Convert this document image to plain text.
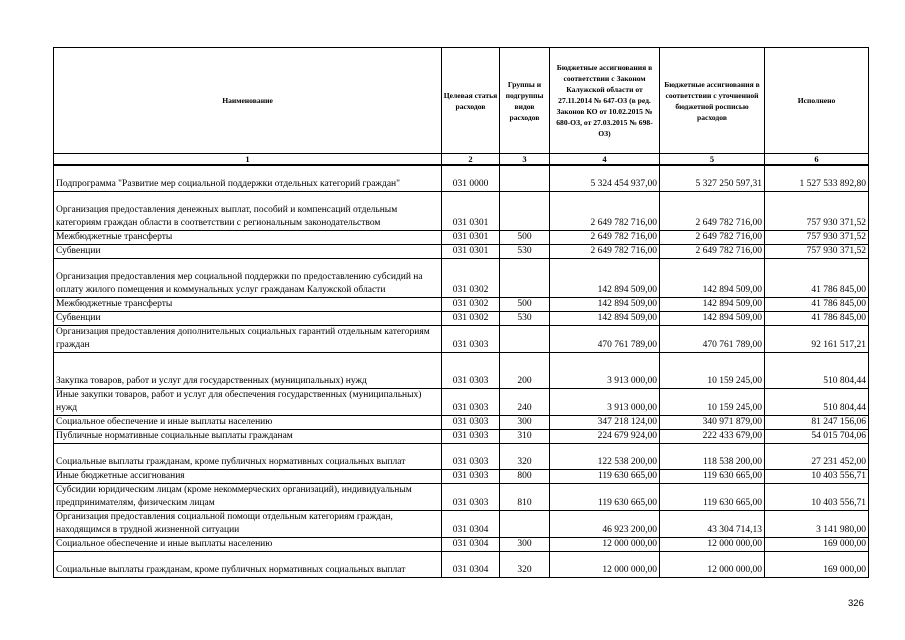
Наименование	Целевая статья расходов	Группы и подгруппы видов расходов	Бюджетные ассигнования в соответствии с Законом Калужской области от 27.11.2014 № 647-ОЗ (в ред. Законов КО от 10.02.2015 № 680-ОЗ, от 27.03.2015 № 698-ОЗ)	Бюджетные ассигнования в соответствии с уточненной бюджетной росписью расходов	Исполнено
1	2	3	4	5	6
Подпрограмма "Развитие мер социальной поддержки отдельных категорий граждан"	031 0000		5 324 454 937,00	5 327 250 597,31	1 527 533 892,80
Организация предоставления денежных выплат, пособий и компенсаций отдельным категориям граждан области в соответствии с региональным законодательством	031 0301		2 649 782 716,00	2 649 782 716,00	757 930 371,52
Межбюджетные трансферты	031 0301	500	2 649 782 716,00	2 649 782 716,00	757 930 371,52
Субвенции	031 0301	530	2 649 782 716,00	2 649 782 716,00	757 930 371,52
Организация предоставления мер социальной поддержки по предоставлению субсидий на оплату жилого помещения и коммунальных услуг гражданам Калужской области	031 0302		142 894 509,00	142 894 509,00	41 786 845,00
Межбюджетные трансферты	031 0302	500	142 894 509,00	142 894 509,00	41 786 845,00
Субвенции	031 0302	530	142 894 509,00	142 894 509,00	41 786 845,00
Организация предоставления дополнительных социальных гарантий отдельным категориям граждан	031 0303		470 761 789,00	470 761 789,00	92 161 517,21
Закупка товаров, работ и услуг для государственных (муниципальных) нужд	031 0303	200	3 913 000,00	10 159 245,00	510 804,44
Иные закупки товаров, работ и услуг для обеспечения государственных (муниципальных) нужд	031 0303	240	3 913 000,00	10 159 245,00	510 804,44
Социальное обеспечение и иные выплаты населению	031 0303	300	347 218 124,00	340 971 879,00	81 247 156,06
Публичные нормативные социальные выплаты гражданам	031 0303	310	224 679 924,00	222 433 679,00	54 015 704,06
Социальные выплаты гражданам, кроме публичных нормативных социальных выплат	031 0303	320	122 538 200,00	118 538 200,00	27 231 452,00
Иные бюджетные ассигнования	031 0303	800	119 630 665,00	119 630 665,00	10 403 556,71
Субсидии юридическим лицам (кроме некоммерческих организаций), индивидуальным предпринимателям, физическим лицам	031 0303	810	119 630 665,00	119 630 665,00	10 403 556,71
Организация предоставления социальной помощи отдельным категориям граждан, находящимся в трудной жизненной ситуации	031 0304		46 923 200,00	43 304 714,13	3 141 980,00
Социальное обеспечение и иные выплаты населению	031 0304	300	12 000 000,00	12 000 000,00	169 000,00
Социальные выплаты гражданам, кроме публичных нормативных социальных выплат	031 0304	320	12 000 000,00	12 000 000,00	169 000,00
326
